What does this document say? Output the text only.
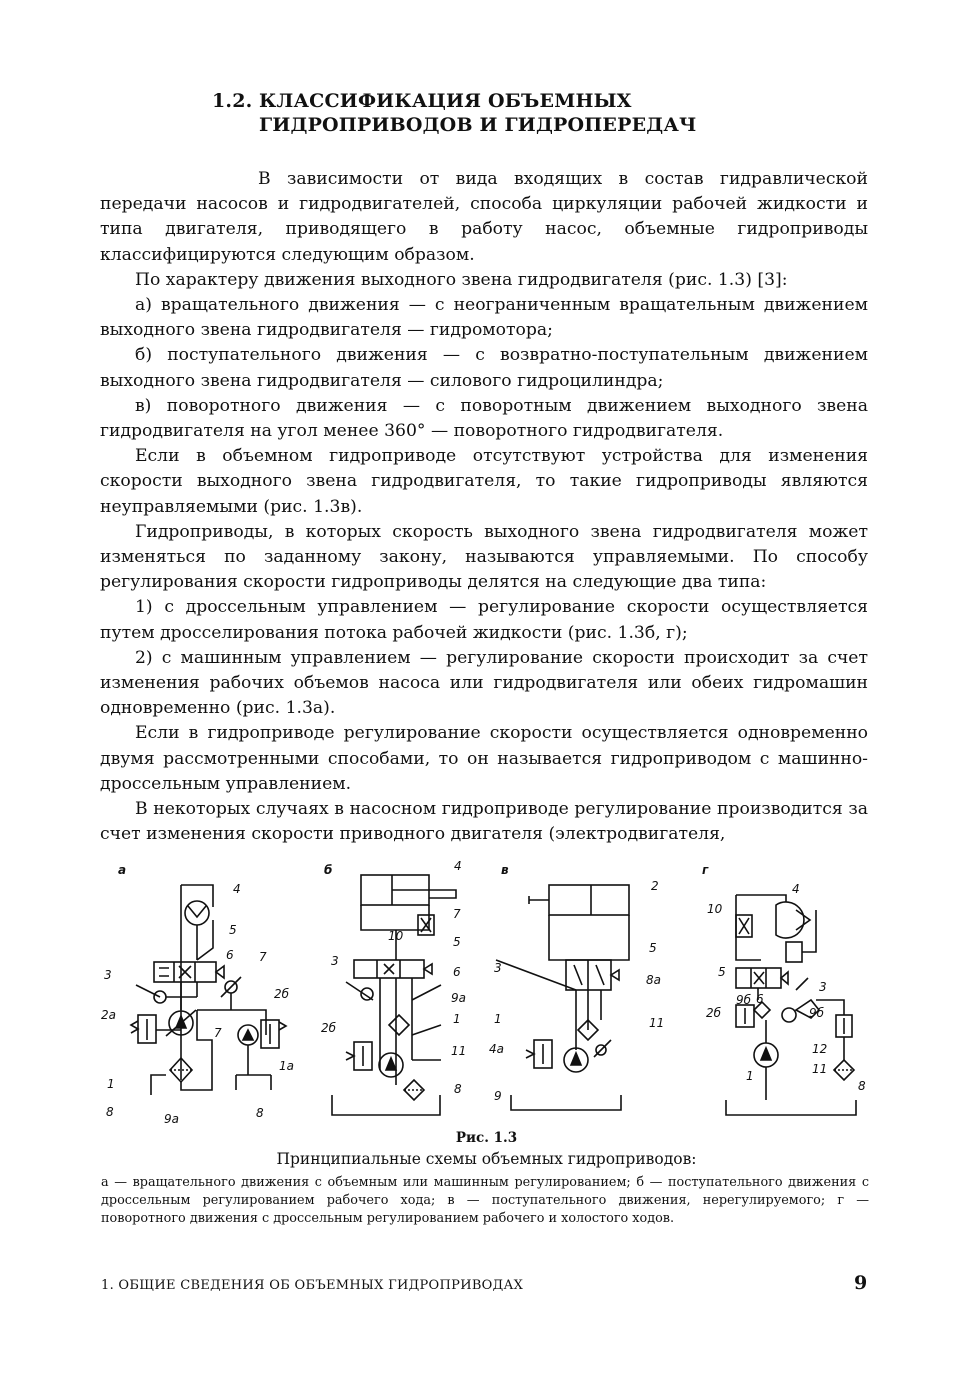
1.2. КЛАССИФИКАЦИЯ ОБЪЕМНЫХ
ГИДРОПРИВОДОВ И ГИДРОПЕРЕДАЧ

В зависимости от вида входящих в состав гидравлической передачи насосов и гидродвигателей, способа циркуляции рабочей жидкости и типа двигателя, приводящего в работу насос, объемные гидроприводы классифицируются следующим образом.

По характеру движения выходного звена гидродвигателя (рис. 1.3) [3]:

а) вращательного движения — с неограниченным вращательным движением выходного звена гидродвигателя — гидромотора;

б) поступательного движения — с возвратно-поступательным движением выходного звена гидродвигателя — силового гидроцилиндра;

в) поворотного движения — с поворотным движением выходного звена гидродвигателя на угол менее 360° — поворотного гидродвигателя.

Если в объемном гидроприводе отсутствуют устройства для изменения скорости выходного звена гидродвигателя, то такие гидроприводы являются неуправляемыми (рис. 1.3в).

Гидроприводы, в которых скорость выходного звена гидродвигателя может изменяться по заданному закону, называются управляемыми. По способу регулирования скорости гидроприводы делятся на следующие два типа:

1) с дроссельным управлением — регулирование скорости осуществляется путем дросселирования потока рабочей жидкости (рис. 1.3б, г);

2) с машинным управлением — регулирование скорости происходит за счет изменения рабочих объемов насоса или гидродвигателя или обеих гидромашин одновременно (рис. 1.3а).

Если в гидроприводе регулирование скорости осуществляется одновременно двумя рассмотренными способами, то он называется гидроприводом с машинно-дроссельным управлением.

В некоторых случаях в насосном гидроприводе регулирование производится за счет изменения скорости приводного двигателя (электродвигателя,

а	б	в	г
4
5
6 7
3
2б
2а
7
1а
1
8	9а	8
4
7
10	5
3
6
9а
2б
1
11
8
2
5
3
8а
1	11
4а
9
4
10
5
3
6
9б
9б
2б
12
1	11
8
Рис. 1.3
Принципиальные схемы объемных гидроприводов:
а — вращательного движения с объемным или машинным регулированием; б — поступательного движения с дроссельным регулированием рабочего хода; в — поступательного движения, нерегулируемого; г — поворотного движения с дроссельным регулированием рабочего и холостого ходов.
1. ОБЩИЕ СВЕДЕНИЯ ОБ ОБЪЕМНЫХ ГИДРОПРИВОДАХ	9
